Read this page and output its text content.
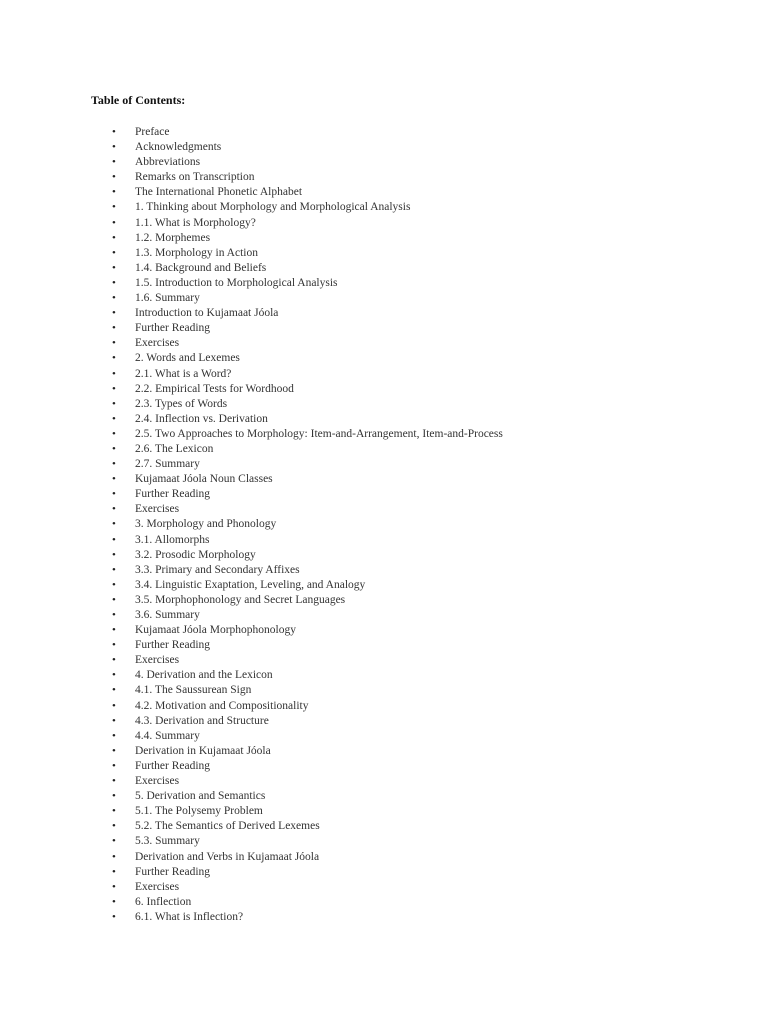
Table of Contents:
• Preface
• Acknowledgments
• Abbreviations
• Remarks on Transcription
• The International Phonetic Alphabet
• 1. Thinking about Morphology and Morphological Analysis
• 1.1. What is Morphology?
• 1.2. Morphemes
• 1.3. Morphology in Action
• 1.4. Background and Beliefs
• 1.5. Introduction to Morphological Analysis
• 1.6. Summary
• Introduction to Kujamaat Jóola
• Further Reading
• Exercises
• 2. Words and Lexemes
• 2.1. What is a Word?
• 2.2. Empirical Tests for Wordhood
• 2.3. Types of Words
• 2.4. Inflection vs. Derivation
• 2.5. Two Approaches to Morphology: Item-and-Arrangement, Item-and-Process
• 2.6. The Lexicon
• 2.7. Summary
• Kujamaat Jóola Noun Classes
• Further Reading
• Exercises
• 3. Morphology and Phonology
• 3.1. Allomorphs
• 3.2. Prosodic Morphology
• 3.3. Primary and Secondary Affixes
• 3.4. Linguistic Exaptation, Leveling, and Analogy
• 3.5. Morphophonology and Secret Languages
• 3.6. Summary
• Kujamaat Jóola Morphophonology
• Further Reading
• Exercises
• 4. Derivation and the Lexicon
• 4.1. The Saussurean Sign
• 4.2. Motivation and Compositionality
• 4.3. Derivation and Structure
• 4.4. Summary
• Derivation in Kujamaat Jóola
• Further Reading
• Exercises
• 5. Derivation and Semantics
• 5.1. The Polysemy Problem
• 5.2. The Semantics of Derived Lexemes
• 5.3. Summary
• Derivation and Verbs in Kujamaat Jóola
• Further Reading
• Exercises
• 6. Inflection
• 6.1. What is Inflection?
